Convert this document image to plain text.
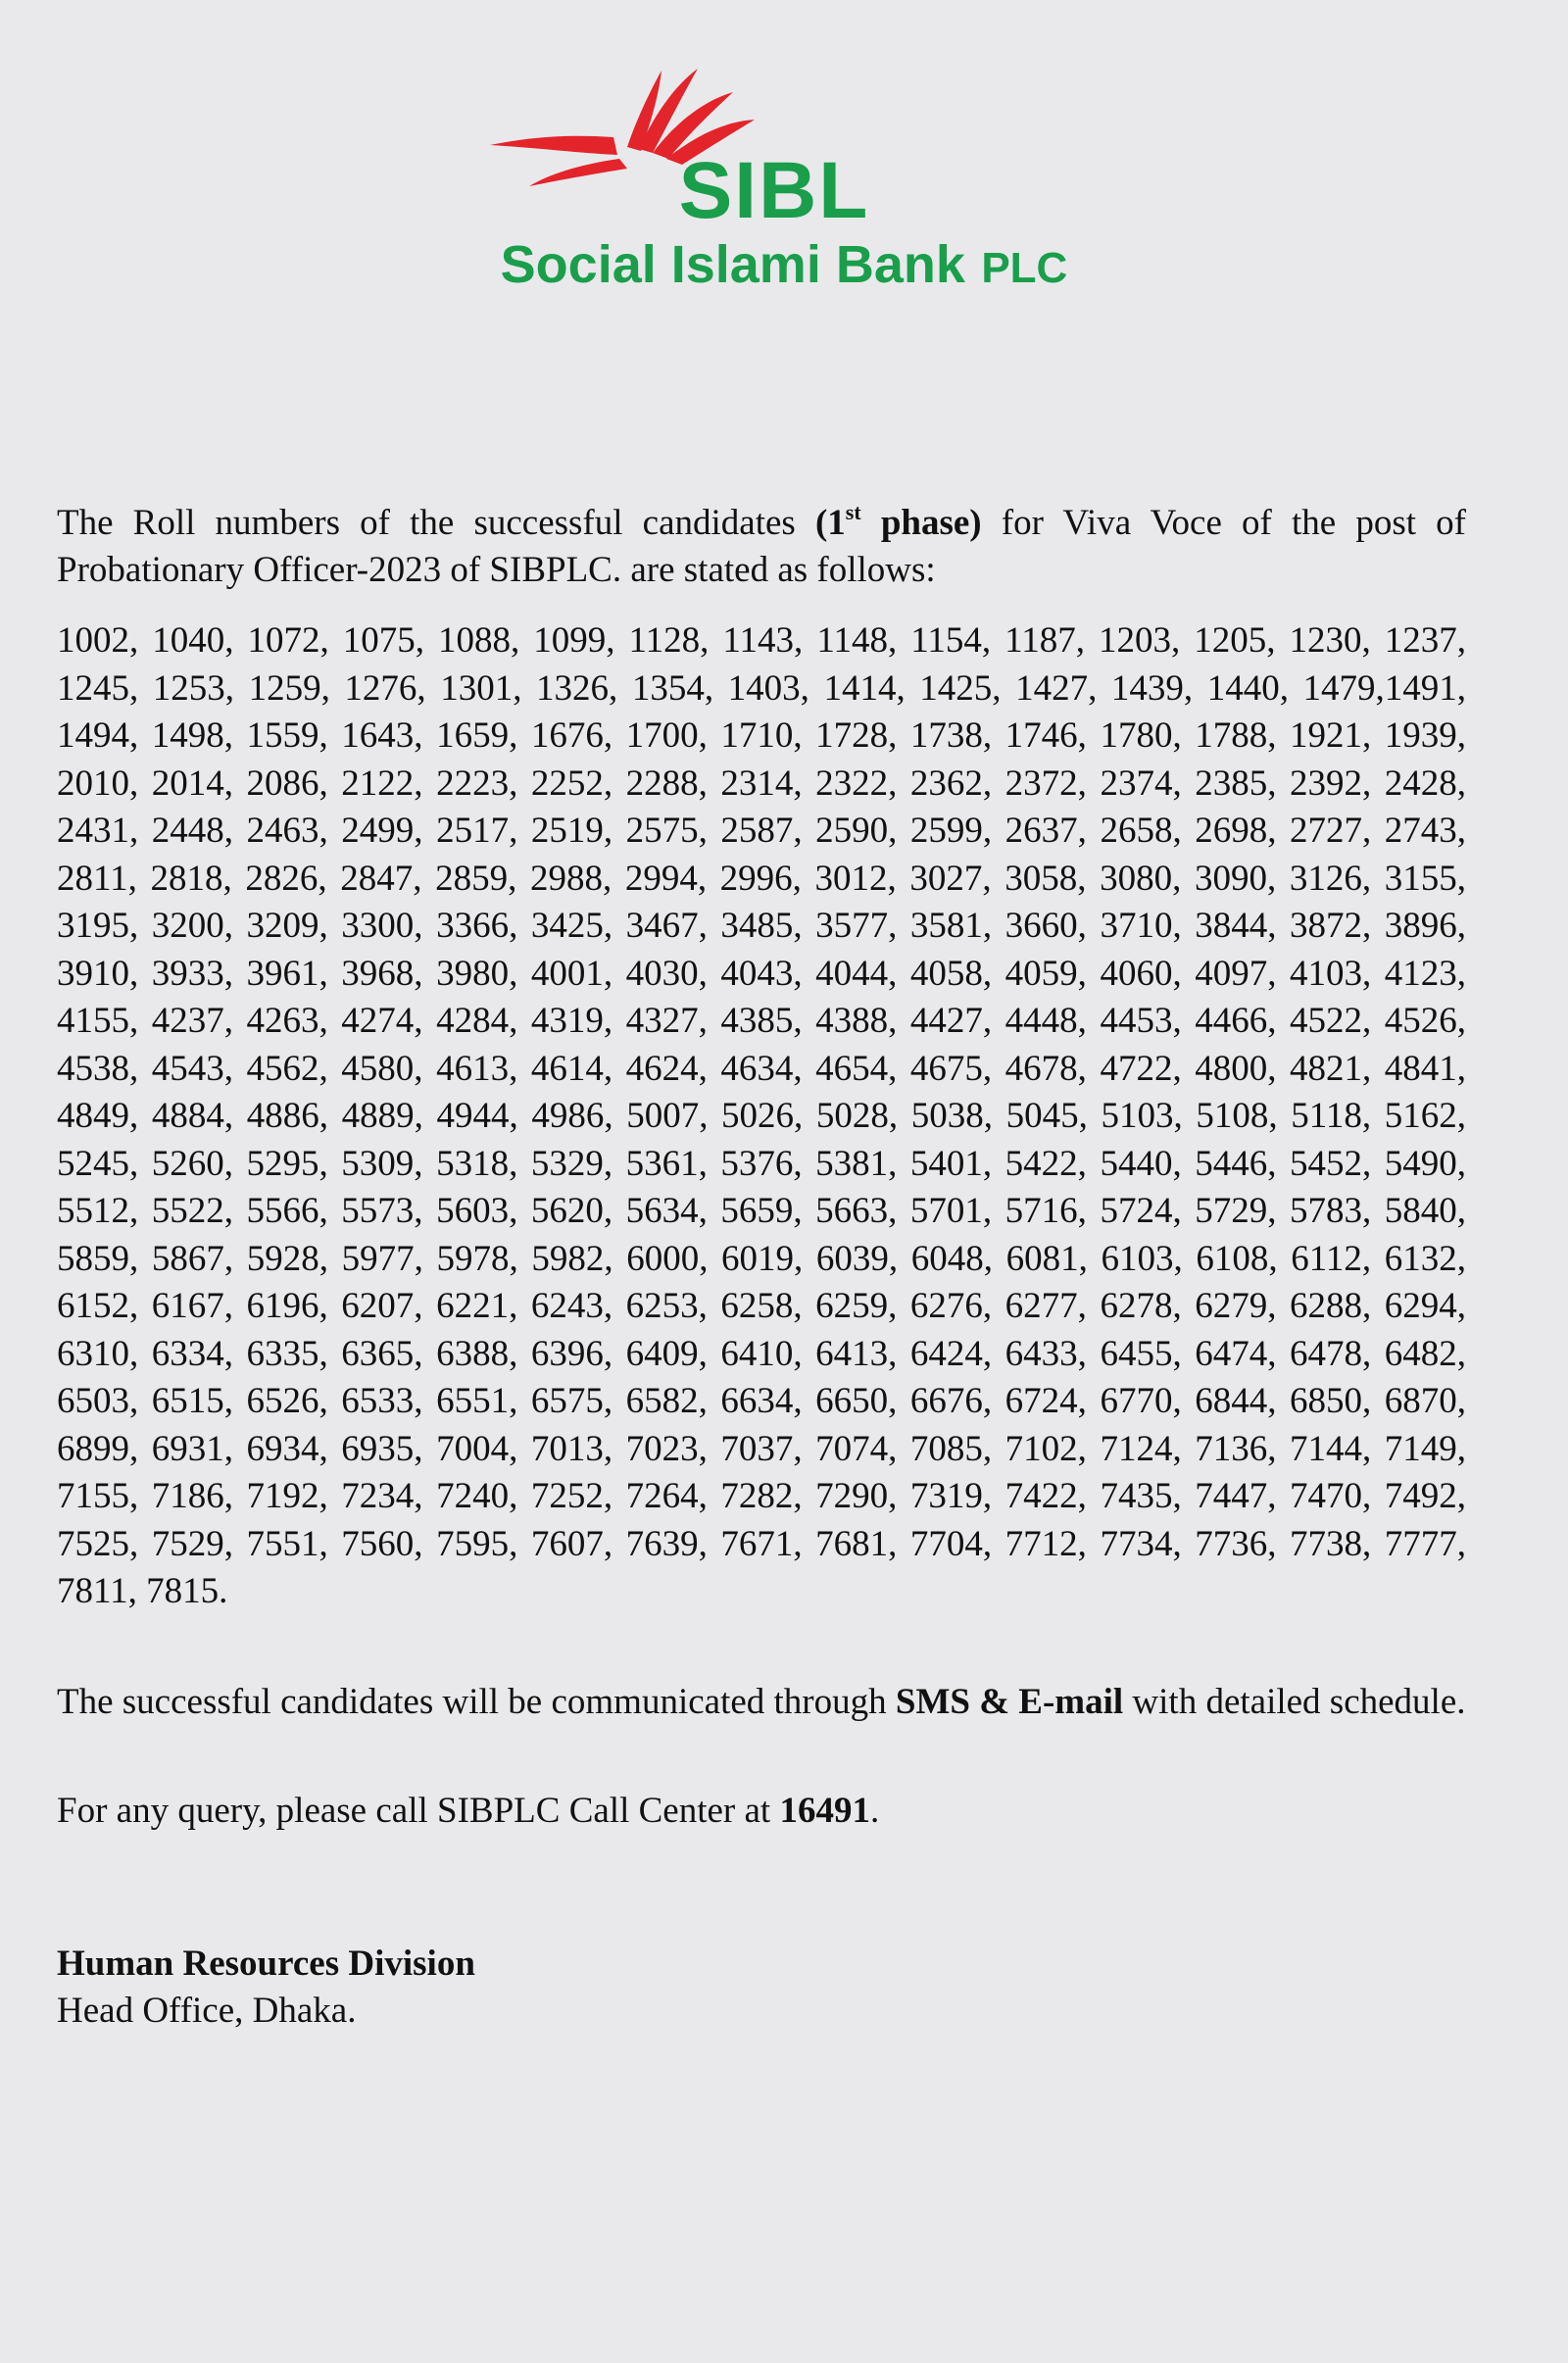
SIBL
Social Islami Bank PLC

The Roll numbers of the successful candidates (1st phase) for Viva Voce of the post of Probationary Officer-2023 of SIBPLC. are stated as follows:

1002, 1040, 1072, 1075, 1088, 1099, 1128, 1143, 1148, 1154, 1187, 1203, 1205, 1230, 1237, 1245, 1253, 1259, 1276, 1301, 1326, 1354, 1403, 1414, 1425, 1427, 1439, 1440, 1479,1491, 1494, 1498, 1559, 1643, 1659, 1676, 1700, 1710, 1728, 1738, 1746, 1780, 1788, 1921, 1939, 2010, 2014, 2086, 2122, 2223, 2252, 2288, 2314, 2322, 2362, 2372, 2374, 2385, 2392, 2428, 2431, 2448, 2463, 2499, 2517, 2519, 2575, 2587, 2590, 2599, 2637, 2658, 2698, 2727, 2743, 2811, 2818, 2826, 2847, 2859, 2988, 2994, 2996, 3012, 3027, 3058, 3080, 3090, 3126, 3155, 3195, 3200, 3209, 3300, 3366, 3425, 3467, 3485, 3577, 3581, 3660, 3710, 3844, 3872, 3896, 3910, 3933, 3961, 3968, 3980, 4001, 4030, 4043, 4044, 4058, 4059, 4060, 4097, 4103, 4123, 4155, 4237, 4263, 4274, 4284, 4319, 4327, 4385, 4388, 4427, 4448, 4453, 4466, 4522, 4526, 4538, 4543, 4562, 4580, 4613, 4614, 4624, 4634, 4654, 4675, 4678, 4722, 4800, 4821, 4841, 4849, 4884, 4886, 4889, 4944, 4986, 5007, 5026, 5028, 5038, 5045, 5103, 5108, 5118, 5162, 5245, 5260, 5295, 5309, 5318, 5329, 5361, 5376, 5381, 5401, 5422, 5440, 5446, 5452, 5490, 5512, 5522, 5566, 5573, 5603, 5620, 5634, 5659, 5663, 5701, 5716, 5724, 5729, 5783, 5840, 5859, 5867, 5928, 5977, 5978, 5982, 6000, 6019, 6039, 6048, 6081, 6103, 6108, 6112, 6132, 6152, 6167, 6196, 6207, 6221, 6243, 6253, 6258, 6259, 6276, 6277, 6278, 6279, 6288, 6294, 6310, 6334, 6335, 6365, 6388, 6396, 6409, 6410, 6413, 6424, 6433, 6455, 6474, 6478, 6482, 6503, 6515, 6526, 6533, 6551, 6575, 6582, 6634, 6650, 6676, 6724, 6770, 6844, 6850, 6870, 6899, 6931, 6934, 6935, 7004, 7013, 7023, 7037, 7074, 7085, 7102, 7124, 7136, 7144, 7149, 7155, 7186, 7192, 7234, 7240, 7252, 7264, 7282, 7290, 7319, 7422, 7435, 7447, 7470, 7492, 7525, 7529, 7551, 7560, 7595, 7607, 7639, 7671, 7681, 7704, 7712, 7734, 7736, 7738, 7777, 7811, 7815.

The successful candidates will be communicated through SMS & E-mail with detailed schedule.

For any query, please call SIBPLC Call Center at 16491.

Human Resources Division
Head Office, Dhaka.
